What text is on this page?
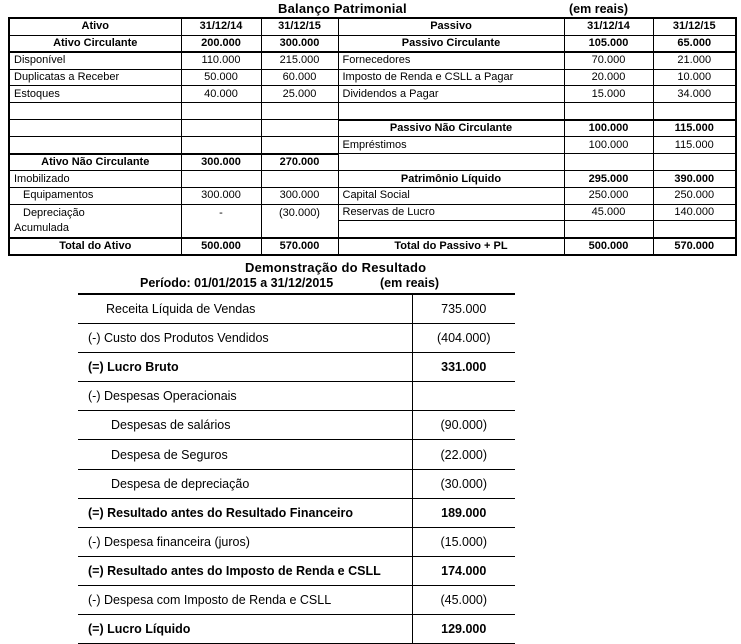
Balanço Patrimonial	(em reais)
Ativo	31/12/14	31/12/15	Passivo	31/12/14	31/12/15
Ativo Circulante	200.000	300.000	Passivo Circulante	105.000	65.000
Disponível	110.000	215.000	Fornecedores	70.000	21.000
Duplicatas a Receber	50.000	60.000	Imposto de Renda e CSLL a Pagar	20.000	10.000
Estoques	40.000	25.000	Dividendos a Pagar	15.000	34.000

			Passivo Não Circulante	100.000	115.000
			Empréstimos	100.000	115.000
Ativo Não Circulante	300.000	270.000			
Imobilizado			Patrimônio Líquido	295.000	390.000
Equipamentos	300.000	300.000	Capital Social	250.000	250.000

Depreciação
Acumulada	-	(30.000)	Reservas de Lucro	45.000	140.000

Total do Ativo	500.000	570.000	Total do Passivo + PL	500.000	570.000
Demonstração do Resultado
Período: 01/01/2015 a 31/12/2015	(em reais)
Receita Líquida de Vendas	735.000
(-) Custo dos Produtos Vendidos	(404.000)
(=) Lucro Bruto	331.000
(-) Despesas Operacionais	
Despesas de salários	(90.000)
Despesa de Seguros	(22.000)
Despesa de depreciação	(30.000)
(=) Resultado antes do Resultado Financeiro	189.000
(-) Despesa financeira (juros)	(15.000)
(=) Resultado antes do Imposto de Renda e CSLL	174.000
(-) Despesa com Imposto de Renda e CSLL	(45.000)
(=) Lucro Líquido	129.000
